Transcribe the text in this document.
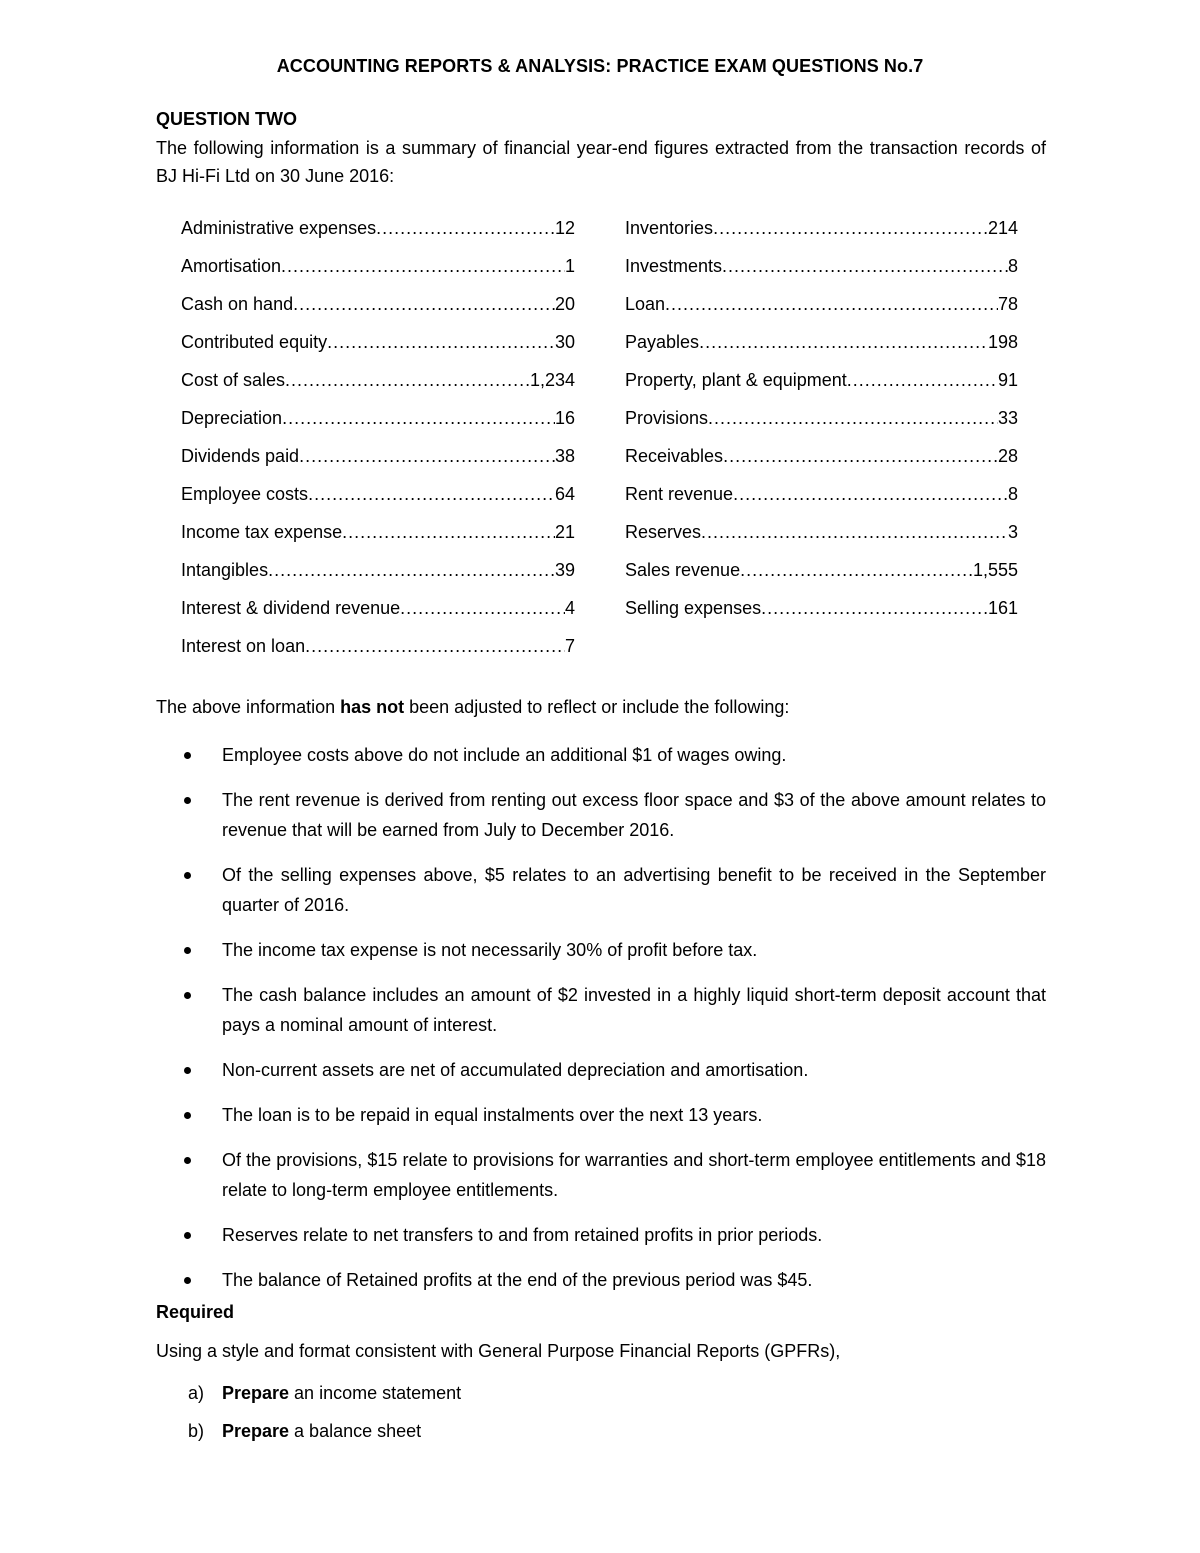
ACCOUNTING REPORTS & ANALYSIS: PRACTICE EXAM QUESTIONS No.7
QUESTION TWO
The following information is a summary of financial year-end figures extracted from the transaction records of BJ Hi-Fi Ltd on 30 June 2016:
Administrative expenses .....	12
Amortisation .....	1
Cash on hand .....	20
Contributed equity .....	30
Cost of sales .....	1,234
Depreciation .....	16
Dividends paid .....	38
Employee costs .....	64
Income tax expense .....	21
Intangibles .....	39
Interest & dividend revenue .....	4
Interest on loan .....	7
Inventories .....	214
Investments .....	8
Loan .....	78
Payables .....	198
Property, plant & equipment .....	91
Provisions .....	33
Receivables .....	28
Rent revenue .....	8
Reserves .....	3
Sales revenue .....	1,555
Selling expenses .....	161
The above information has not been adjusted to reflect or include the following:
Employee costs above do not include an additional $1 of wages owing.
The rent revenue is derived from renting out excess floor space and $3 of the above amount relates to revenue that will be earned from July to December 2016.
Of the selling expenses above, $5 relates to an advertising benefit to be received in the September quarter of 2016.
The income tax expense is not necessarily 30% of profit before tax.
The cash balance includes an amount of $2 invested in a highly liquid short-term deposit account that pays a nominal amount of interest.
Non-current assets are net of accumulated depreciation and amortisation.
The loan is to be repaid in equal instalments over the next 13 years.
Of the provisions, $15 relate to provisions for warranties and short-term employee entitlements and $18 relate to long-term employee entitlements.
Reserves relate to net transfers to and from retained profits in prior periods.
The balance of Retained profits at the end of the previous period was $45.
Required
Using a style and format consistent with General Purpose Financial Reports (GPFRs),
a) Prepare an income statement
b) Prepare a balance sheet
